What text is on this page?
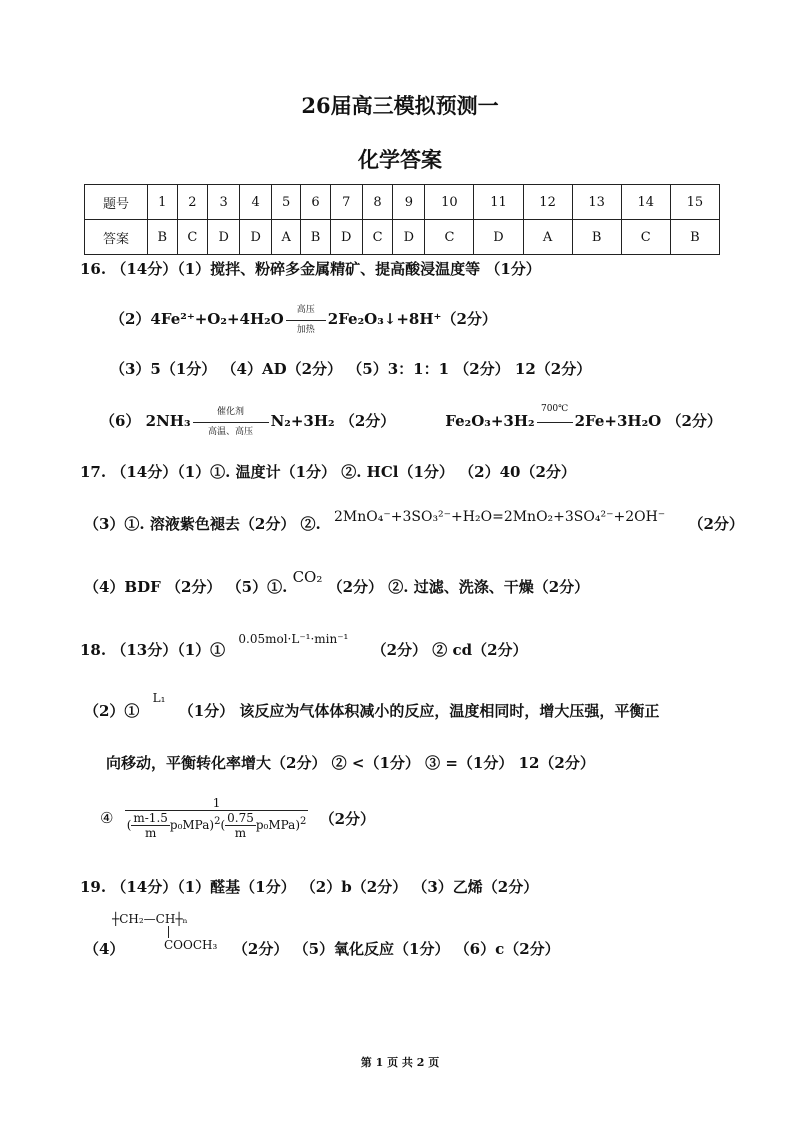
26届高三模拟预测一
化学答案
题号	1	2	3	4	5	6	7	8	9	10	11	12	13	14	15
答案	B	C	D	D	A	B	D	C	D	C	D	A	B	C	B
16. （14分）（1）搅拌、粉碎多金属精矿、提高酸浸温度等 （1分）
（2）4Fe²⁺+O₂+4H₂O	高压
加热
2Fe₂O₃↓+8H⁺（2分）
（3）5（1分） （4）AD（2分） （5）3：1：1 （2分） 12（2分）
（6） 2NH₃	催化剂
高温、高压
N₂+3H₂ （2分）	Fe₂O₃+3H₂
700℃
2Fe+3H₂O （2分）
17. （14分）（1）①. 温度计（1分） ②. HCl（1分） （2）40（2分）
（3）①. 溶液紫色褪去（2分） ②. 2MnO₄⁻+3SO₃²⁻+H₂O=2MnO₂+3SO₄²⁻+2OH⁻ （2分）
（4）BDF （2分） （5）①. CO₂ （2分） ②. 过滤、洗涤、干燥（2分）
18. （13分）（1）① 0.05mol·L⁻¹·min⁻¹ （2分） ② cd（2分）
（2）① L₁ （1分） 该反应为气体体积减小的反应，温度相同时，增大压强，平衡正
向移动，平衡转化率增大（2分） ② <（1分） ③ =（1分） 12（2分）
④ $\frac{1}{( \frac{m-1.5}{m} p_0MPa)^2( \frac{0.75}{m} p_0MPa)^2} (2$分）
19. （14分）（1）醛基（1分） （2）b（2分） （3）乙烯（2分）
┼CH₂—CH┼ₙ
COOCH₃
（4）	（2分） （5）氧化反应（1分） （6）c（2分）
第 1 页 共 2 页
